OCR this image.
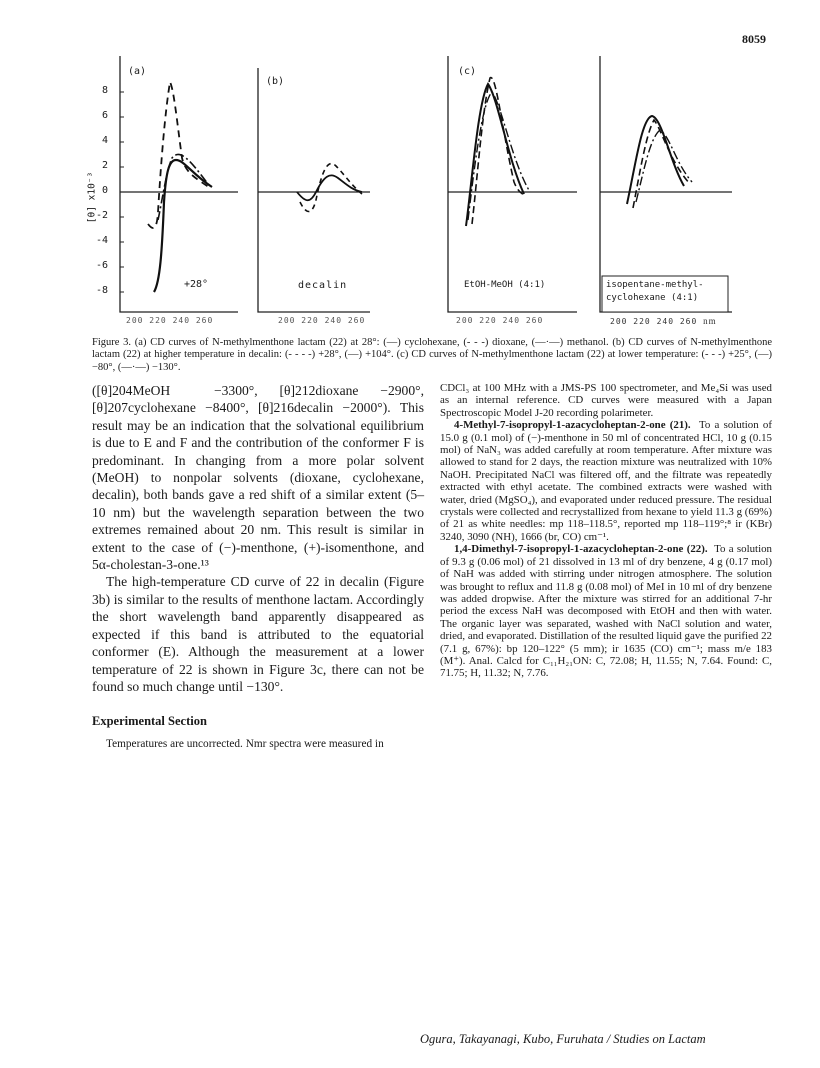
8059
8
6
4
2
0
-2
-4
-6
-8
[θ] x10⁻³
(a)
(b)
(c)
+28°	decalin	EtOH-MeOH (4:1)	isopentane-methyl-
cyclohexane (4:1)
200 220 240 260	200 220 240 260	200 220 240 260	200 220 240 260 nm
Figure 3. (a) CD curves of N-methylmenthone lactam (22) at 28°: (—) cyclohexane, (- - -) dioxane, (—·—) methanol. (b) CD curves of N-methylmenthone lactam (22) at higher temperature in decalin: (- - - -) +28°, (—) +104°. (c) CD curves of N-methylmenthone lactam (22) at lower temperature: (- - -) +25°, (—) −80°, (—·—) −130°.

([θ]204MeOH	−3300°, [θ]212dioxane −2900°, [θ]207cyclohexane −8400°, [θ]216decalin −2000°). This result may be an indication that the solvational equilibrium is due to E and F and the contribution of the conformer F is predominant. In changing from a more polar solvent (MeOH) to nonpolar solvents (dioxane, cyclohexane, decalin), both bands gave a red shift of a similar extent (5–10 nm) but the wavelength separation between the two extremes remained about 20 nm. This result is similar in extent to the case of (−)-menthone, (+)-isomenthone, and 5α-cholestan-3-one.¹³

The high-temperature CD curve of 22 in decalin (Figure 3b) is similar to the results of menthone lactam. Accordingly the short wavelength band apparently disappeared as expected if this band is attributed to the equatorial conformer (E). Although the measurement at a lower temperature of 22 is shown in Figure 3c, there can not be found so much change until −130°.

Experimental Section

Temperatures are uncorrected. Nmr spectra were measured in

CDCl₃ at 100 MHz with a JMS-PS 100 spectrometer, and Me₄Si was used as an internal reference. CD curves were measured with a Japan Spectroscopic Model J-20 recording polarimeter.

4-Methyl-7-isopropyl-1-azacycloheptan-2-one (21). To a solution of 15.0 g (0.1 mol) of (−)-menthone in 50 ml of concentrated HCl, 10 g (0.15 mol) of NaN₃ was added carefully at room temperature. After mixture was allowed to stand for 2 days, the reaction mixture was neutralized with 10% NaOH. Precipitated NaCl was filtered off, and the filtrate was repeatedly extracted with ethyl acetate. The combined extracts were washed with water, dried (MgSO₄), and evaporated under reduced pressure. The residual crystals were collected and recrystallized from hexane to yield 11.3 g (69%) of 21 as white needles: mp 118–118.5°, reported mp 118–119°;⁸ ir (KBr) 3240, 3090 (NH), 1666 (br, CO) cm⁻¹.

1,4-Dimethyl-7-isopropyl-1-azacycloheptan-2-one (22). To a solution of 9.3 g (0.06 mol) of 21 dissolved in 13 ml of dry benzene, 4 g (0.17 mol) of NaH was added with stirring under nitrogen atmosphere. The solution was brought to reflux and 11.8 g (0.08 mol) of MeI in 10 ml of dry benzene was added dropwise. After the mixture was stirred for an additional 7-hr period the excess NaH was decomposed with EtOH and then with water. The organic layer was separated, washed with NaCl solution and water, dried, and evaporated. Distillation of the resulted liquid gave the purified 22 (7.1 g, 67%): bp 120–122° (5 mm); ir 1635 (CO) cm⁻¹; mass m/e 183 (M⁺). Anal. Calcd for C₁₁H₂₁ON: C, 72.08; H, 11.55; N, 7.64. Found: C, 71.75; H, 11.32; N, 7.76.

Ogura, Takayanagi, Kubo, Furuhata / Studies on Lactam
